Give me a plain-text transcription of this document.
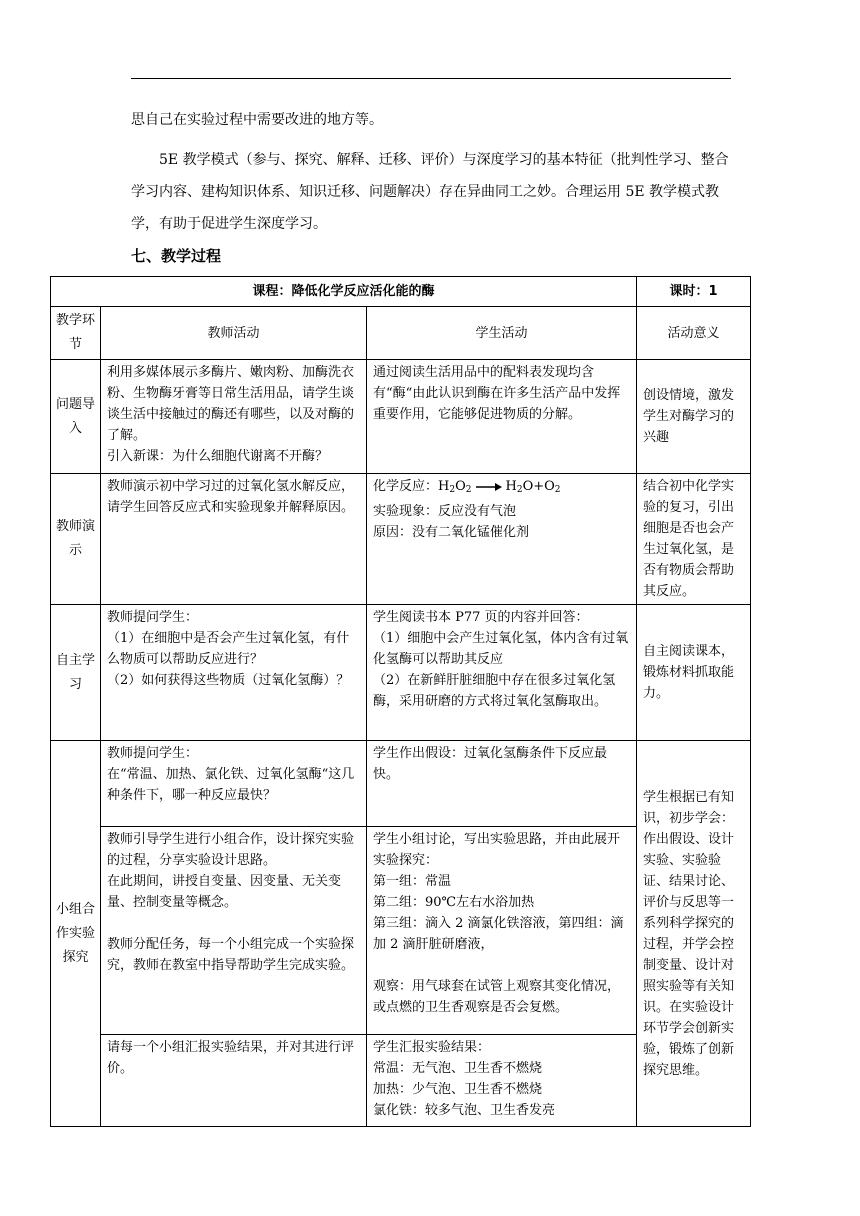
思自己在实验过程中需要改进的地方等。

5E 教学模式（参与、探究、解释、迁移、评价）与深度学习的基本特征（批判性学习、整合学习内容、建构知识体系、知识迁移、问题解决）存在异曲同工之妙。合理运用 5E 教学模式教学，有助于促进学生深度学习。

七、教学过程
课程：降低化学反应活化能的酶			课时：1
教学环节	教师活动	学生活动	活动意义
问题导入	利用多媒体展示多酶片、嫩肉粉、加酶洗衣粉、生物酶牙膏等日常生活用品，请学生谈谈生活中接触过的酶还有哪些，以及对酶的了解。
引入新课：为什么细胞代谢离不开酶？	通过阅读生活用品中的配料表发现均含有“酶“由此认识到酶在许多生活产品中发挥重要作用，它能够促进物质的分解。	创设情境，激发学生对酶学习的兴趣
教师演示	教师演示初中学习过的过氧化氢水解反应，请学生回答反应式和实验现象并解释原因。	化学反应：$H_2O_2 \to H_2O+O_2$
实验现象：反应没有气泡
原因：没有二氧化锰催化剂	结合初中化学实验的复习，引出细胞是否也会产生过氧化氢，是否有物质会帮助其反应。
自主学习	教师提问学生：
（1）在细胞中是否会产生过氧化氢，有什么物质可以帮助反应进行？
（2）如何获得这些物质（过氧化氢酶）？	学生阅读书本 P77 页的内容并回答：
（1）细胞中会产生过氧化氢，体内含有过氧化氢酶可以帮助其反应
（2）在新鲜肝脏细胞中存在很多过氧化氢酶，采用研磨的方式将过氧化氢酶取出。	自主阅读课本，锻炼材料抓取能力。
小组合作实验探究	教师提问学生：
在“常温、加热、氯化铁、过氧化氢酶“这几种条件下，哪一种反应最快？	学生作出假设：过氧化氢酶条件下反应最快。	学生根据已有知识，初步学会：作出假设、设计实验、实验验证、结果讨论、评价与反思等一系列科学探究的过程，并学会控制变量、设计对照实验等有关知识。在实验设计环节学会创新实验，锻炼了创新探究思维。

	教师引导学生进行小组合作，设计探究实验的过程，分享实验设计思路。
在此期间，讲授自变量、因变量、无关变量、控制变量等概念。
教师分配任务，每一个小组完成一个实验探究，教师在教室中指导帮助学生完成实验。	学生小组讨论，写出实验思路，并由此展开实验探究：
第一组：常温
第二组：90℃左右水浴加热
第三组：滴入 2 滴氯化铁溶液，第四组：滴加 2 滴肝脏研磨液，
观察：用气球套在试管上观察其变化情况，或点燃的卫生香观察是否会复燃。	

	请每一个小组汇报实验结果，并对其进行评价。	学生汇报实验结果：
常温：无气泡、卫生香不燃烧
加热：少气泡、卫生香不燃烧
氯化铁：较多气泡、卫生香发亮	
